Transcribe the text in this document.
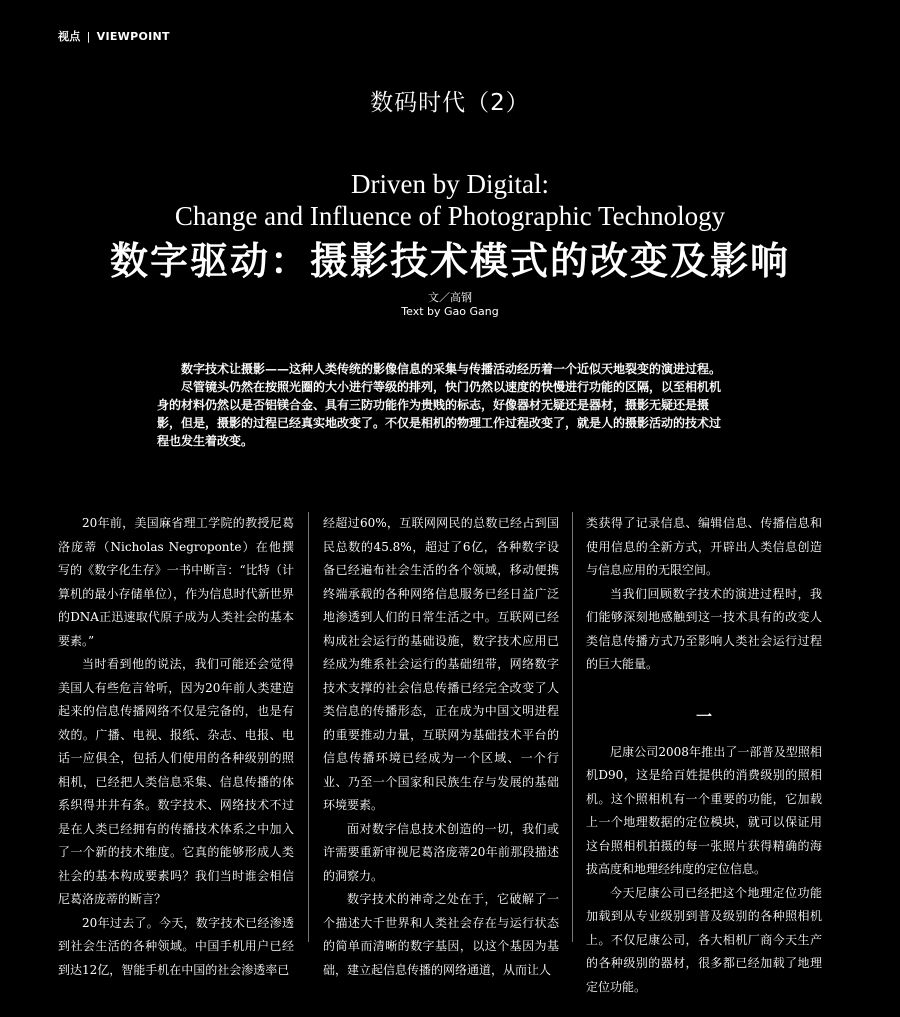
视点 | VIEWPOINT
数码时代（2）
Driven by Digital:
Change and Influence of Photographic Technology
数字驱动：摄影技术模式的改变及影响
文／高钢
Text by Gao Gang

数字技术让摄影——这种人类传统的影像信息的采集与传播活动经历着一个近似天地裂变的演进过程。

尽管镜头仍然在按照光圈的大小进行等级的排列，快门仍然以速度的快慢进行功能的区隔，以至相机机身的材料仍然以是否铝镁合金、具有三防功能作为贵贱的标志，好像器材无疑还是器材，摄影无疑还是摄影，但是，摄影的过程已经真实地改变了。不仅是相机的物理工作过程改变了，就是人的摄影活动的技术过程也发生着改变。

20年前，美国麻省理工学院的教授尼葛洛庞蒂（Nicholas Negroponte）在他撰写的《数字化生存》一书中断言：“比特（计算机的最小存储单位），作为信息时代新世界的DNA正迅速取代原子成为人类社会的基本要素。”

当时看到他的说法，我们可能还会觉得美国人有些危言耸听，因为20年前人类建造起来的信息传播网络不仅是完备的，也是有效的。广播、电视、报纸、杂志、电报、电话一应俱全，包括人们使用的各种级别的照相机，已经把人类信息采集、信息传播的体系织得井井有条。数字技术、网络技术不过是在人类已经拥有的传播技术体系之中加入了一个新的技术维度。它真的能够形成人类社会的基本构成要素吗？我们当时谁会相信尼葛洛庞蒂的断言？

20年过去了。今天，数字技术已经渗透到社会生活的各种领域。中国手机用户已经到达12亿，智能手机在中国的社会渗透率已

经超过60%，互联网网民的总数已经占到国民总数的45.8%，超过了6亿，各种数字设备已经遍布社会生活的各个领域，移动便携终端承载的各种网络信息服务已经日益广泛地渗透到人们的日常生活之中。互联网已经构成社会运行的基础设施，数字技术应用已经成为维系社会运行的基础纽带，网络数字技术支撑的社会信息传播已经完全改变了人类信息的传播形态，正在成为中国文明进程的重要推动力量，互联网为基础技术平台的信息传播环境已经成为一个区域、一个行业、乃至一个国家和民族生存与发展的基础环境要素。

面对数字信息技术创造的一切，我们或许需要重新审视尼葛洛庞蒂20年前那段描述的洞察力。

数字技术的神奇之处在于，它破解了一个描述大千世界和人类社会存在与运行状态的简单而清晰的数字基因，以这个基因为基础，建立起信息传播的网络通道，从而让人

类获得了记录信息、编辑信息、传播信息和使用信息的全新方式，开辟出人类信息创造与信息应用的无限空间。

当我们回顾数字技术的演进过程时，我们能够深刻地感触到这一技术具有的改变人类信息传播方式乃至影响人类社会运行过程的巨大能量。

一

尼康公司2008年推出了一部普及型照相机D90，这是给百姓提供的消费级别的照相机。这个照相机有一个重要的功能，它加载上一个地理数据的定位模块，就可以保证用这台照相机拍摄的每一张照片获得精确的海拔高度和地理经纬度的定位信息。

今天尼康公司已经把这个地理定位功能加载到从专业级别到普及级别的各种照相机上。不仅尼康公司，各大相机厂商今天生产的各种级别的器材，很多都已经加载了地理定位功能。
